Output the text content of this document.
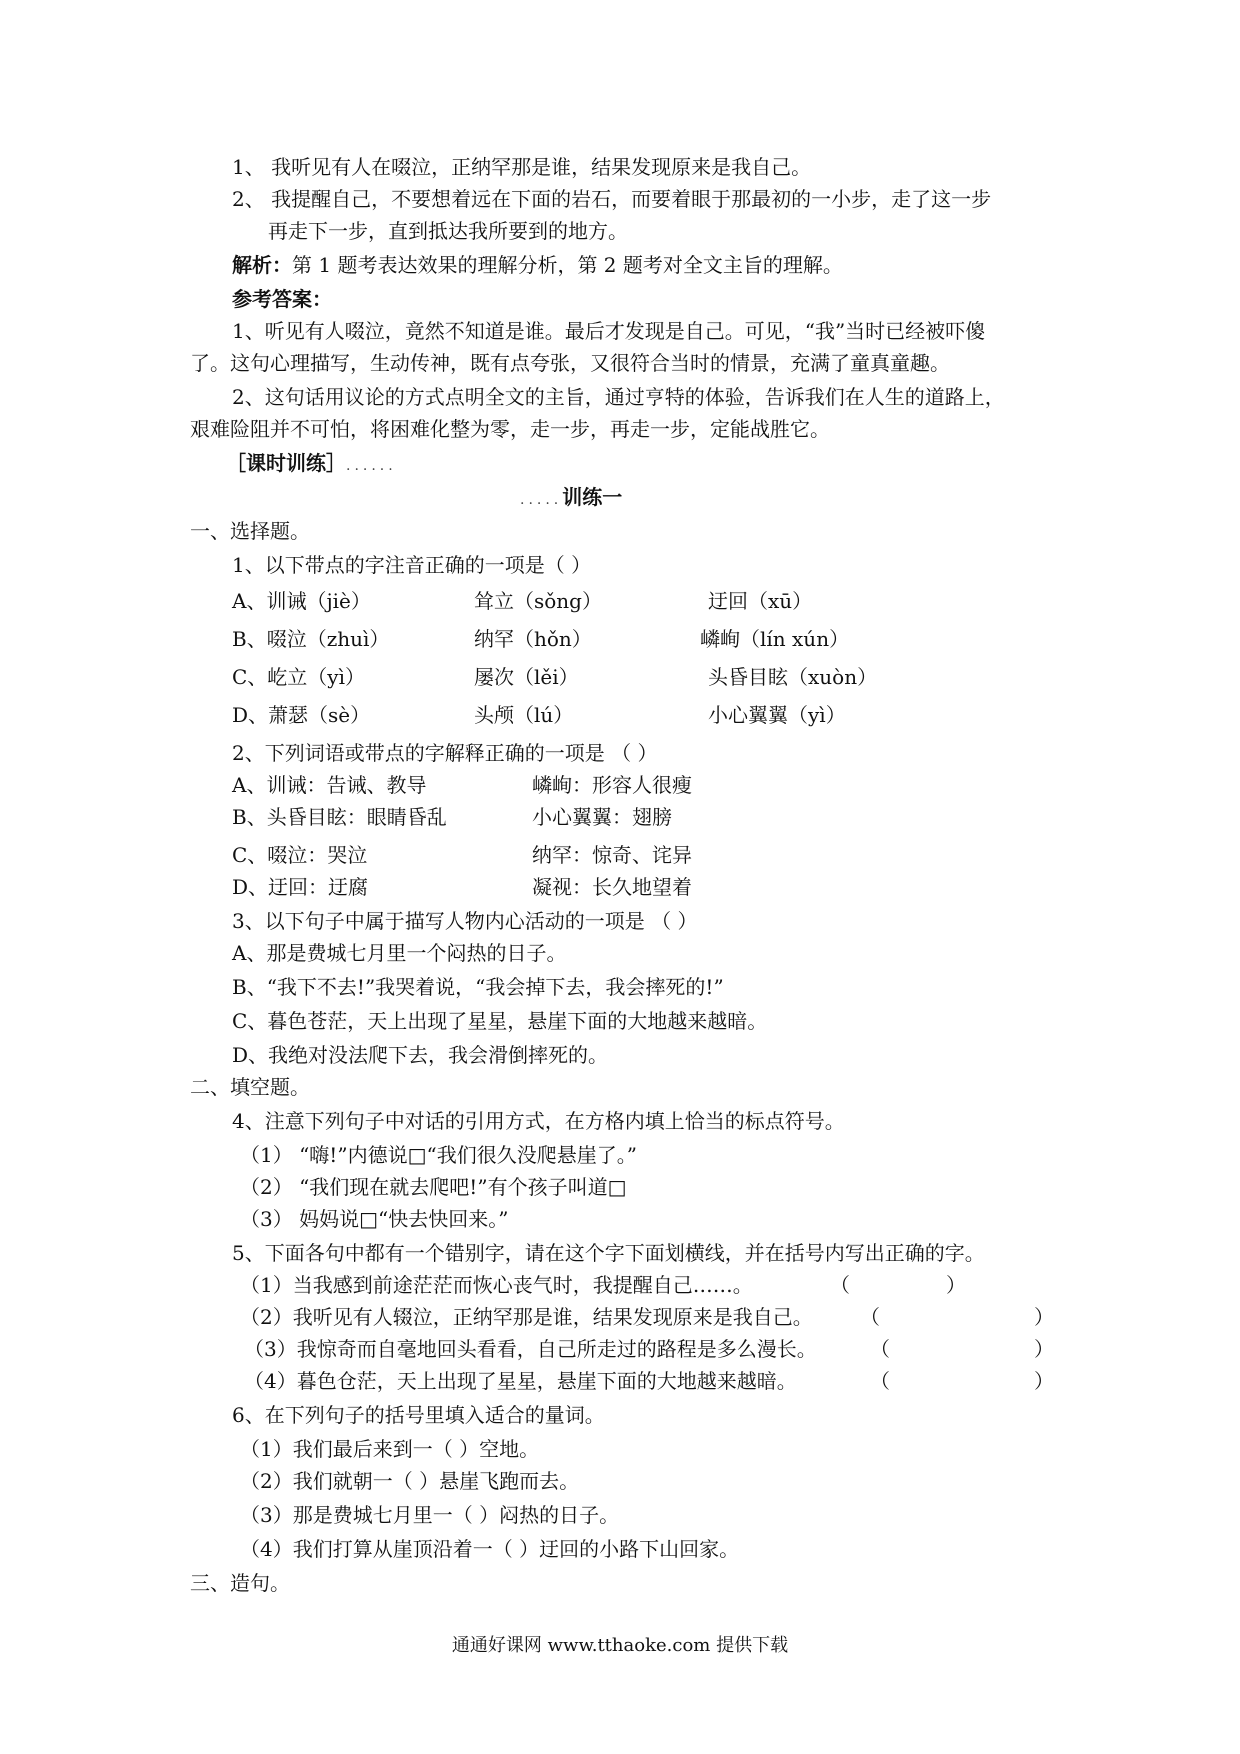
1、 我听见有人在啜泣，正纳罕那是谁，结果发现原来是我自己。
2、 我提醒自己，不要想着远在下面的岩石，而要着眼于那最初的一小步，走了这一步
再走下一步，直到抵达我所要到的地方。
解析：第 1 题考表达效果的理解分析，第 2 题考对全文主旨的理解。
参考答案：
1、听见有人啜泣，竟然不知道是谁。最后才发现是自己。可见，“我”当时已经被吓傻
了。这句心理描写，生动传神，既有点夸张，又很符合当时的情景，充满了童真童趣。
2、这句话用议论的方式点明全文的主旨，通过亨特的体验，告诉我们在人生的道路上，
艰难险阻并不可怕，将困难化整为零，走一步，再走一步，定能战胜它。
［课时训练］......
.....训练一
一、选择题。
1、以下带点的字注音正确的一项是（ ）
A、训诫（jiè）	耸立（sǒng）	迂回（xū）
B、啜泣（zhuì）	纳罕（hǒn）	嶙峋（lín xún）
C、屹立（yì）	屡次（lěi）	头昏目眩（xuòn）
D、萧瑟（sè）	头颅（lú）	小心翼翼（yì）
2、下列词语或带点的字解释正确的一项是 （ ）
A、训诫：告诫、教导	嶙峋：形容人很瘦
B、头昏目眩：眼睛昏乱	小心翼翼：翅膀
C、啜泣：哭泣	纳罕：惊奇、诧异
D、迂回：迂腐	凝视：长久地望着
3、以下句子中属于描写人物内心活动的一项是 （ ）
A、那是费城七月里一个闷热的日子。
B、“我下不去!”我哭着说，“我会掉下去，我会摔死的!”
C、暮色苍茫，天上出现了星星，悬崖下面的大地越来越暗。
D、我绝对没法爬下去，我会滑倒摔死的。
二、填空题。
4、注意下列句子中对话的引用方式，在方格内填上恰当的标点符号。
（1） “嗨!”内德说□“我们很久没爬悬崖了。”
（2） “我们现在就去爬吧!”有个孩子叫道□
（3） 妈妈说□“快去快回来。”
5、下面各句中都有一个错别字，请在这个字下面划横线，并在括号内写出正确的字。
（1）当我感到前途茫茫而恢心丧气时，我提醒自己……。	（	）
（2）我听见有人辍泣，正纳罕那是谁，结果发现原来是我自己。 （	）
（3）我惊奇而自毫地回头看看，自己所走过的路程是多么漫长。	（	）
（4）暮色仓茫，天上出现了星星，悬崖下面的大地越来越暗。	（	）
6、在下列句子的括号里填入适合的量词。
（1）我们最后来到一（ ）空地。
（2）我们就朝一（ ）悬崖飞跑而去。
（3）那是费城七月里一（ ）闷热的日子。
（4）我们打算从崖顶沿着一（ ）迂回的小路下山回家。
三、造句。
通通好课网 www.tthaoke.com 提供下载
